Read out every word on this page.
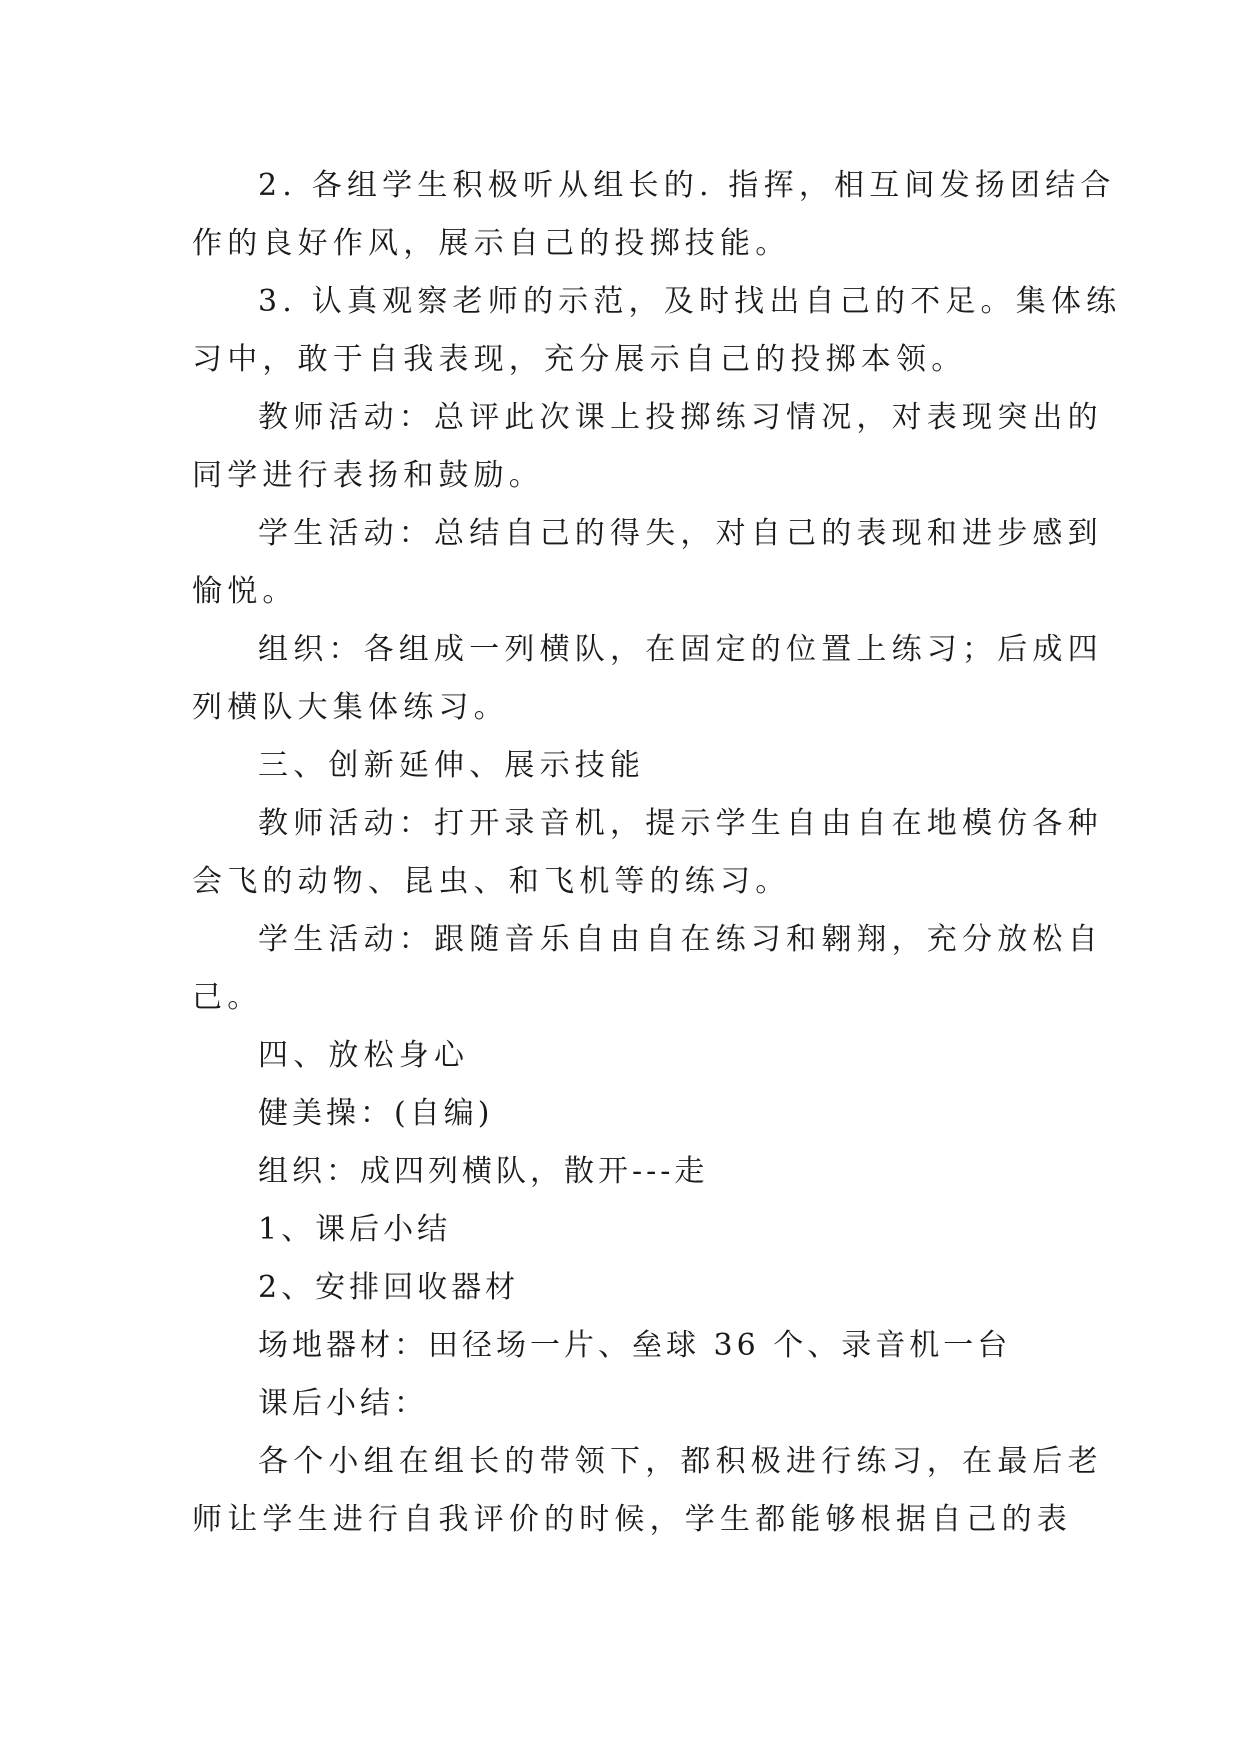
2. 各组学生积极听从组长的. 指挥，相互间发扬团结合
作的良好作风，展示自己的投掷技能。
3. 认真观察老师的示范，及时找出自己的不足。集体练
习中，敢于自我表现，充分展示自己的投掷本领。
教师活动：总评此次课上投掷练习情况，对表现突出的
同学进行表扬和鼓励。
学生活动：总结自己的得失，对自己的表现和进步感到
愉悦。
组织：各组成一列横队，在固定的位置上练习；后成四
列横队大集体练习。
三、创新延伸、展示技能
教师活动：打开录音机，提示学生自由自在地模仿各种
会飞的动物、昆虫、和飞机等的练习。
学生活动：跟随音乐自由自在练习和翱翔，充分放松自
己。
四、放松身心
健美操：(自编)
组织：成四列横队，散开---走
1、课后小结
2、安排回收器材
场地器材：田径场一片、垒球 36 个、录音机一台
课后小结：
各个小组在组长的带领下，都积极进行练习，在最后老
师让学生进行自我评价的时候，学生都能够根据自己的表
